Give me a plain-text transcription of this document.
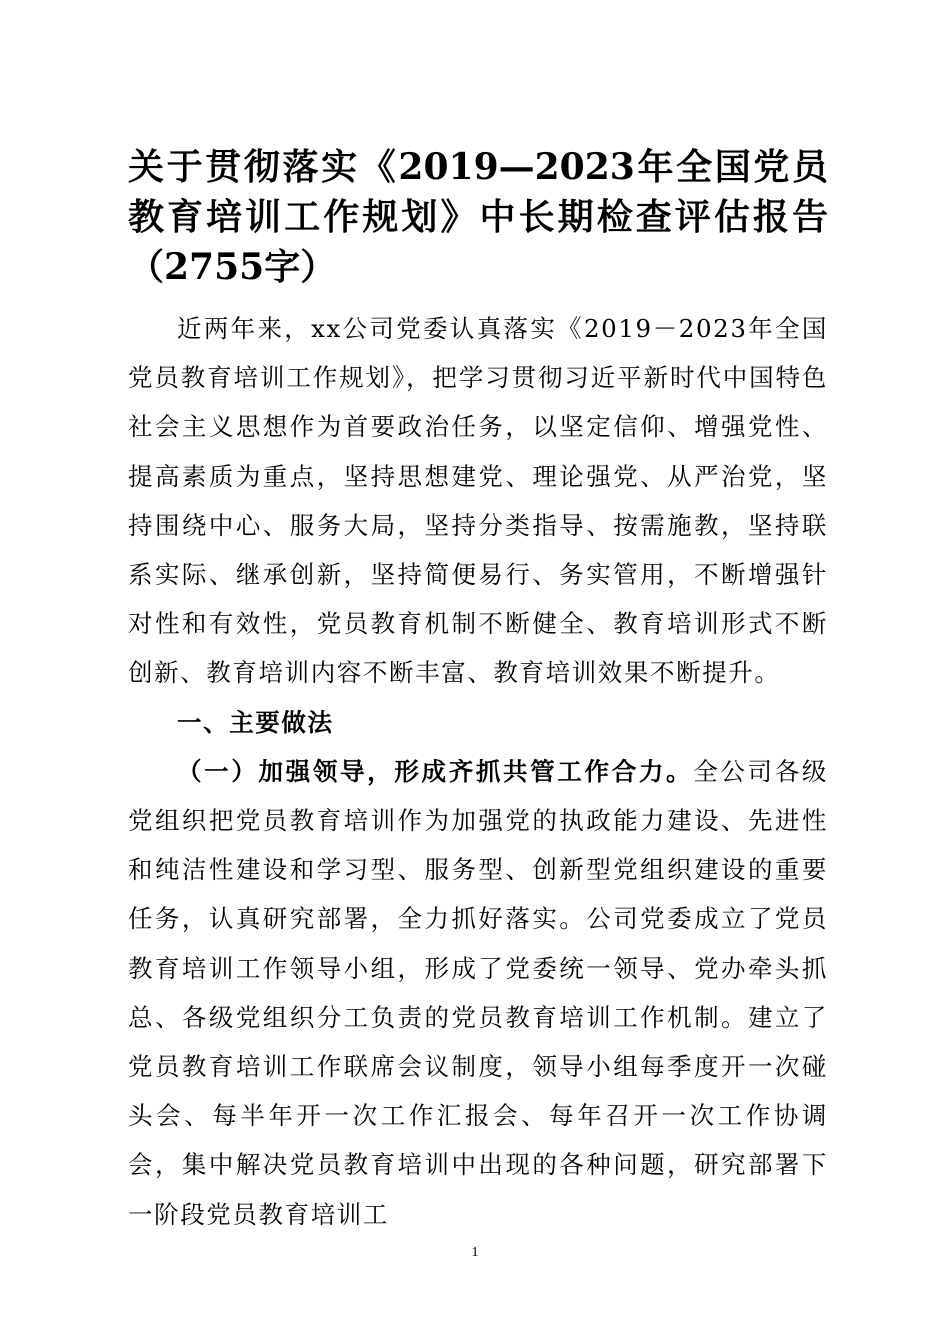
关于贯彻落实《2019—2023年全国党员教育培训工作规划》中长期检查评估报告（2755字）

近两年来，xx公司党委认真落实《2019－2023年全国党员教育培训工作规划》，把学习贯彻习近平新时代中国特色社会主义思想作为首要政治任务，以坚定信仰、增强党性、提高素质为重点，坚持思想建党、理论强党、从严治党，坚持围绕中心、服务大局，坚持分类指导、按需施教，坚持联系实际、继承创新，坚持简便易行、务实管用，不断增强针对性和有效性，党员教育机制不断健全、教育培训形式不断创新、教育培训内容不断丰富、教育培训效果不断提升。

一、主要做法

（一）加强领导，形成齐抓共管工作合力。全公司各级党组织把党员教育培训作为加强党的执政能力建设、先进性和纯洁性建设和学习型、服务型、创新型党组织建设的重要任务，认真研究部署，全力抓好落实。公司党委成立了党员教育培训工作领导小组，形成了党委统一领导、党办牵头抓总、各级党组织分工负责的党员教育培训工作机制。建立了党员教育培训工作联席会议制度，领导小组每季度开一次碰头会、每半年开一次工作汇报会、每年召开一次工作协调会，集中解决党员教育培训中出现的各种问题，研究部署下一阶段党员教育培训工

1
